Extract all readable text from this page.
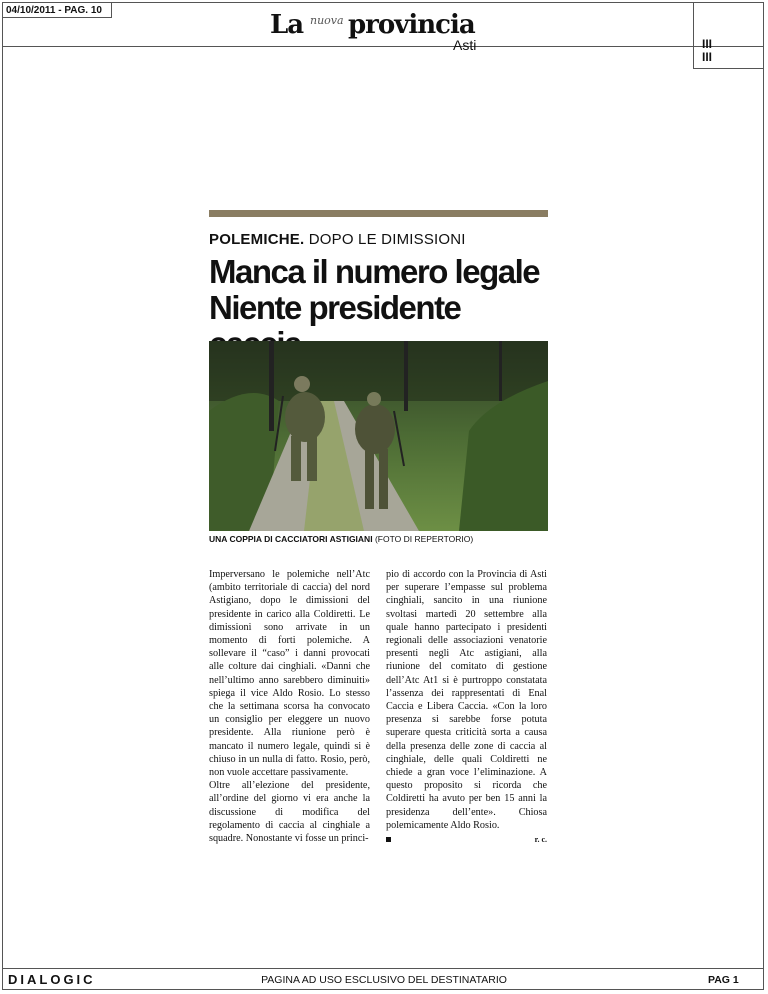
04/10/2011 - PAG. 10	La nuova provincia
Asti	III
III
POLEMICHE. DOPO LE DIMISSIONI
Manca il numero legale
Niente presidente
UNA COPPIA DI CACCIATORI ASTIGIANI (FOTO DI REPERTORIO)

Imperversano le polemiche nell’Atc (ambito territoriale di caccia) del nord Astigiano, dopo le dimissioni del presidente in carico alla Coldiretti. Le dimissioni sono arrivate in un momento di forti polemiche. A sollevare il “caso” i danni provocati alle colture dai cinghiali. «Danni che nell’ultimo anno sarebbero diminuiti» spiega il vice Aldo Rosio. Lo stesso che la settimana scorsa ha convocato un consiglio per eleggere un nuovo presidente. Alla riunione però è mancato il numero legale, quindi si è chiuso in un nulla di fatto. Rosio, però, non vuole accettare passivamente.

Oltre all’elezione del presidente, all’ordine del giorno vi era anche la discussione di modifica del regolamento di caccia al cinghiale a squadre. Nonostante vi fosse un princi-

pio di accordo con la Provincia di Asti per superare l’empasse sul problema cinghiali, sancito in una riunione svoltasi martedì 20 settembre alla quale hanno partecipato i presidenti regionali delle associazioni venatorie presenti negli Atc astigiani, alla riunione del comitato di gestione dell’Atc At1 si è purtroppo constatata l’assenza dei rappresentati di Enal Caccia e Libera Caccia. «Con la loro presenza si sarebbe forse potuta superare questa criticità sorta a causa della presenza delle zone di caccia al cinghiale, delle quali Coldiretti ne chiede a gran voce l’eliminazione. A questo proposito si ricorda che Coldiretti ha avuto per ben 15 anni la presidenza dell’ente». Chiosa polemicamente Aldo Rosio.

r. c.
DIALOGIC	PAGINA AD USO ESCLUSIVO DEL DESTINATARIO	PAG 1
